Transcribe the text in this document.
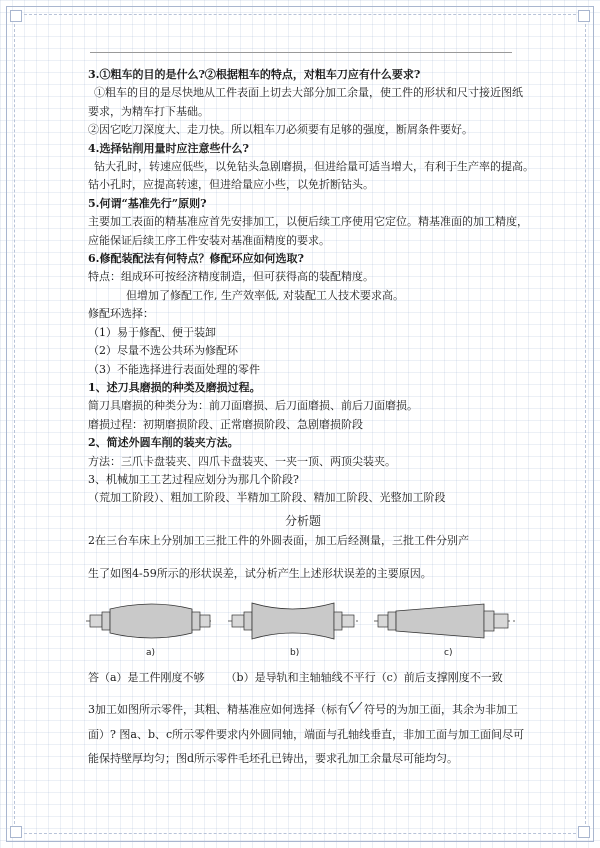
3.①粗车的目的是什么?②根据粗车的特点，对粗车刀应有什么要求?
①粗车的目的是尽快地从工件表面上切去大部分加工余量，使工件的形状和尺寸接近图纸
要求，为精车打下基础。
②因它吃刀深度大、走刀快。所以粗车刀必须要有足够的强度，断屑条件要好。
4.选择钻削用量时应注意些什么?
钻大孔时，转速应低些，以免钻头急剧磨损，但进给量可适当增大，有利于生产率的提高。
钻小孔时，应提高转速，但进给量应小些，以免折断钻头。
5.何谓“基准先行”原则?
主要加工表面的精基准应首先安排加工，以便后续工序使用它定位。精基准面的加工精度，
应能保证后续工序工件安装对基准面精度的要求。
6.修配装配法有何特点？修配环应如何选取?
特点：组成环可按经济精度制造，但可获得高的装配精度。
但增加了修配工作, 生产效率低, 对装配工人技术要求高。
修配环选择：
（1）易于修配、便于装卸
（2）尽量不选公共环为修配环
（3）不能选择进行表面处理的零件
1、述刀具磨损的种类及磨损过程。
简刀具磨损的种类分为：前刀面磨损、后刀面磨损、前后刀面磨损。
磨损过程：初期磨损阶段、正常磨损阶段、急剧磨损阶段
2、简述外圆车削的装夹方法。
方法：三爪卡盘装夹、四爪卡盘装夹、一夹一顶、两顶尖装夹。
3、机械加工工艺过程应划分为那几个阶段?
（荒加工阶段）、粗加工阶段、半精加工阶段、精加工阶段、光整加工阶段
分析题
2在三台车床上分别加工三批工件的外圆表面，加工后经测量，三批工件分别产
生了如图4-59所示的形状误差，试分析产生上述形状误差的主要原因。
a)	b)	c)
答（a）是工件刚度不够      （b）是导轨和主轴轴线不平行（c）前后支撑刚度不一致
3加工如图所示零件，其粗、精基准应如何选择（标有 符号的为加工面，其余为非加工
面）? 图a、b、c所示零件要求内外圆同轴，端面与孔轴线垂直，非加工面与加工面间尽可
能保持壁厚均匀；图d所示零件毛坯孔已铸出，要求孔加工余量尽可能均匀。
